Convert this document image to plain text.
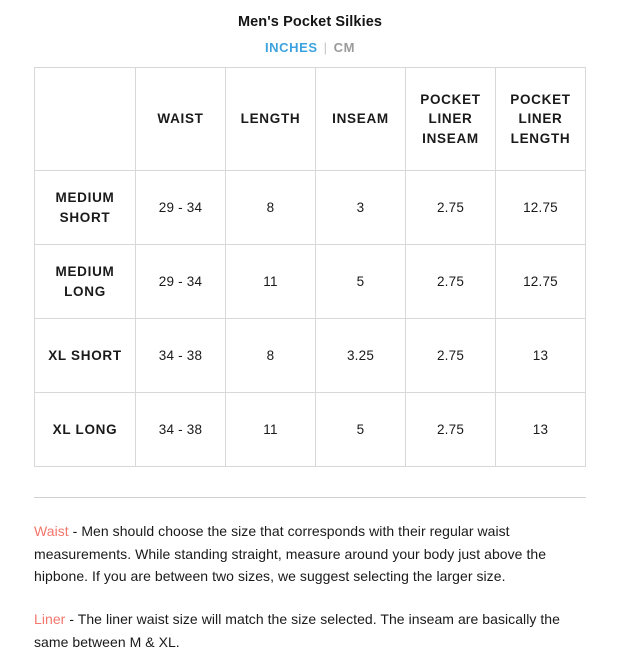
Men's Pocket Silkies
INCHES | CM
	WAIST	LENGTH	INSEAM	POCKET LINER INSEAM	POCKET LINER LENGTH
MEDIUM SHORT	29 - 34	8	3	2.75	12.75
MEDIUM LONG	29 - 34	11	5	2.75	12.75
XL SHORT	34 - 38	8	3.25	2.75	13
XL LONG	34 - 38	11	5	2.75	13

Waist - Men should choose the size that corresponds with their regular waist measurements. While standing straight, measure around your body just above the hipbone. If you are between two sizes, we suggest selecting the larger size.

Liner - The liner waist size will match the size selected. The inseam are basically the same between M & XL.
